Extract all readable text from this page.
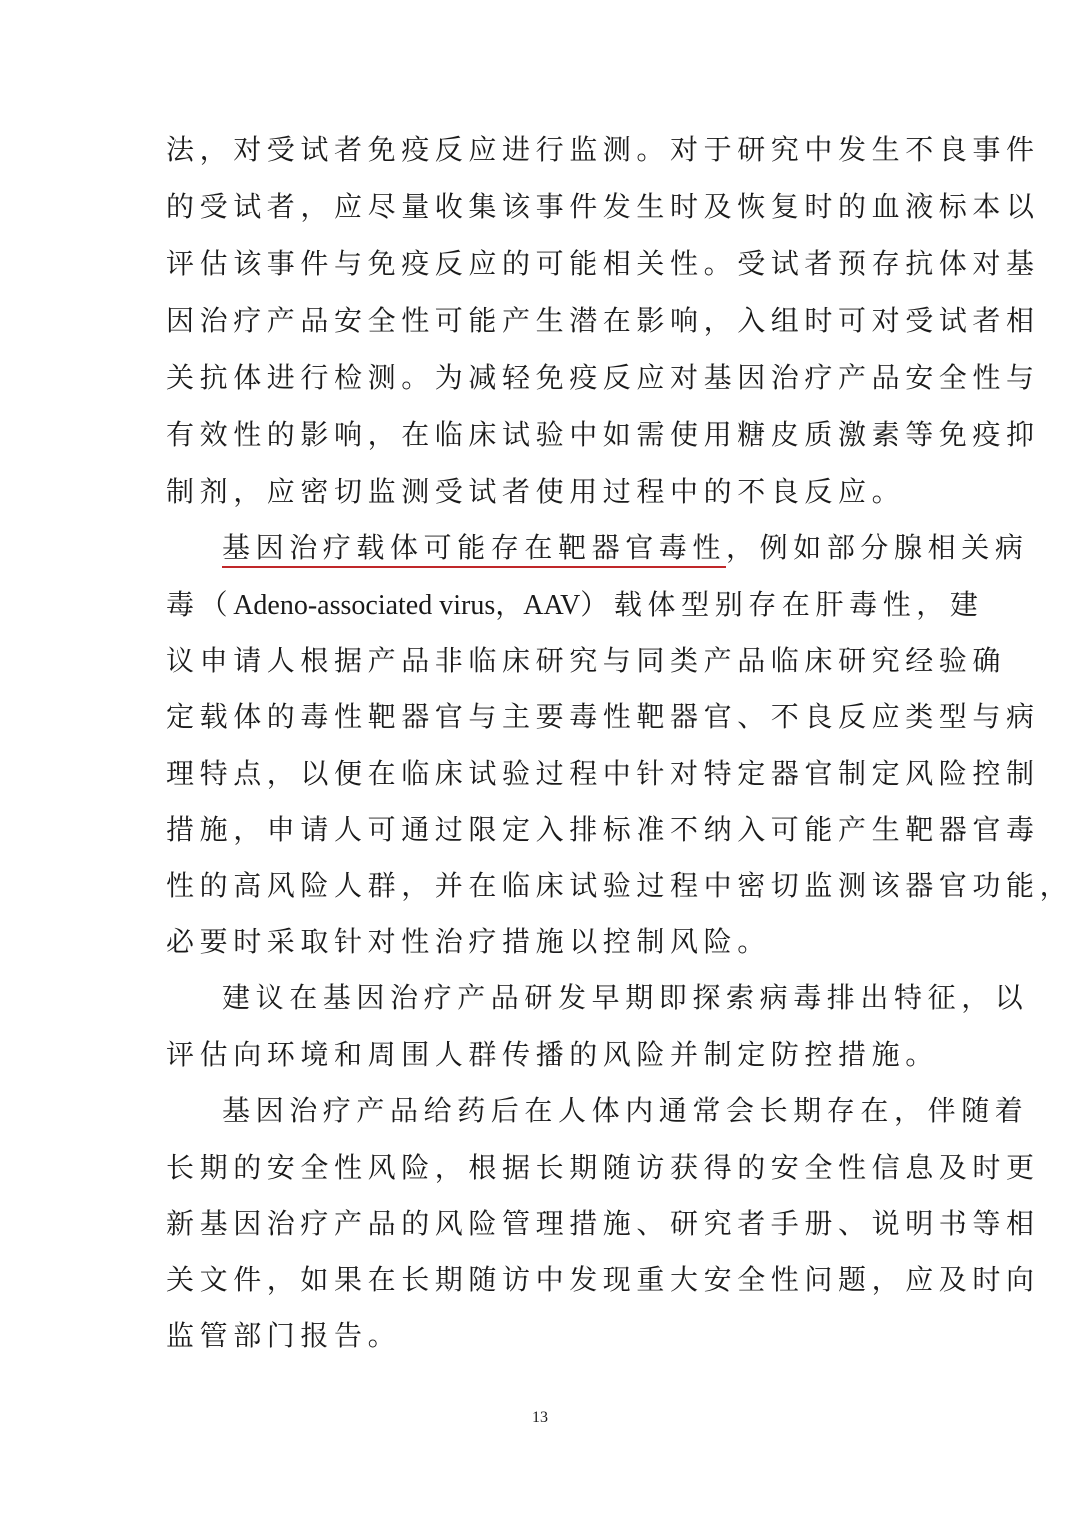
法，对受试者免疫反应进行监测。对于研究中发生不良事件
的受试者，应尽量收集该事件发生时及恢复时的血液标本以
评估该事件与免疫反应的可能相关性。受试者预存抗体对基
因治疗产品安全性可能产生潜在影响，入组时可对受试者相
关抗体进行检测。为减轻免疫反应对基因治疗产品安全性与
有效性的影响，在临床试验中如需使用糖皮质激素等免疫抑
制剂，应密切监测受试者使用过程中的不良反应。
基因治疗载体可能存在靶器官毒性，例如部分腺相关病
毒（Adeno-associated virus，AAV）载体型别存在肝毒性，建
议申请人根据产品非临床研究与同类产品临床研究经验确
定载体的毒性靶器官与主要毒性靶器官、不良反应类型与病
理特点，以便在临床试验过程中针对特定器官制定风险控制
措施，申请人可通过限定入排标准不纳入可能产生靶器官毒
性的高风险人群，并在临床试验过程中密切监测该器官功能，
必要时采取针对性治疗措施以控制风险。
建议在基因治疗产品研发早期即探索病毒排出特征，以
评估向环境和周围人群传播的风险并制定防控措施。
基因治疗产品给药后在人体内通常会长期存在，伴随着
长期的安全性风险，根据长期随访获得的安全性信息及时更
新基因治疗产品的风险管理措施、研究者手册、说明书等相
关文件，如果在长期随访中发现重大安全性问题，应及时向
监管部门报告。
13
